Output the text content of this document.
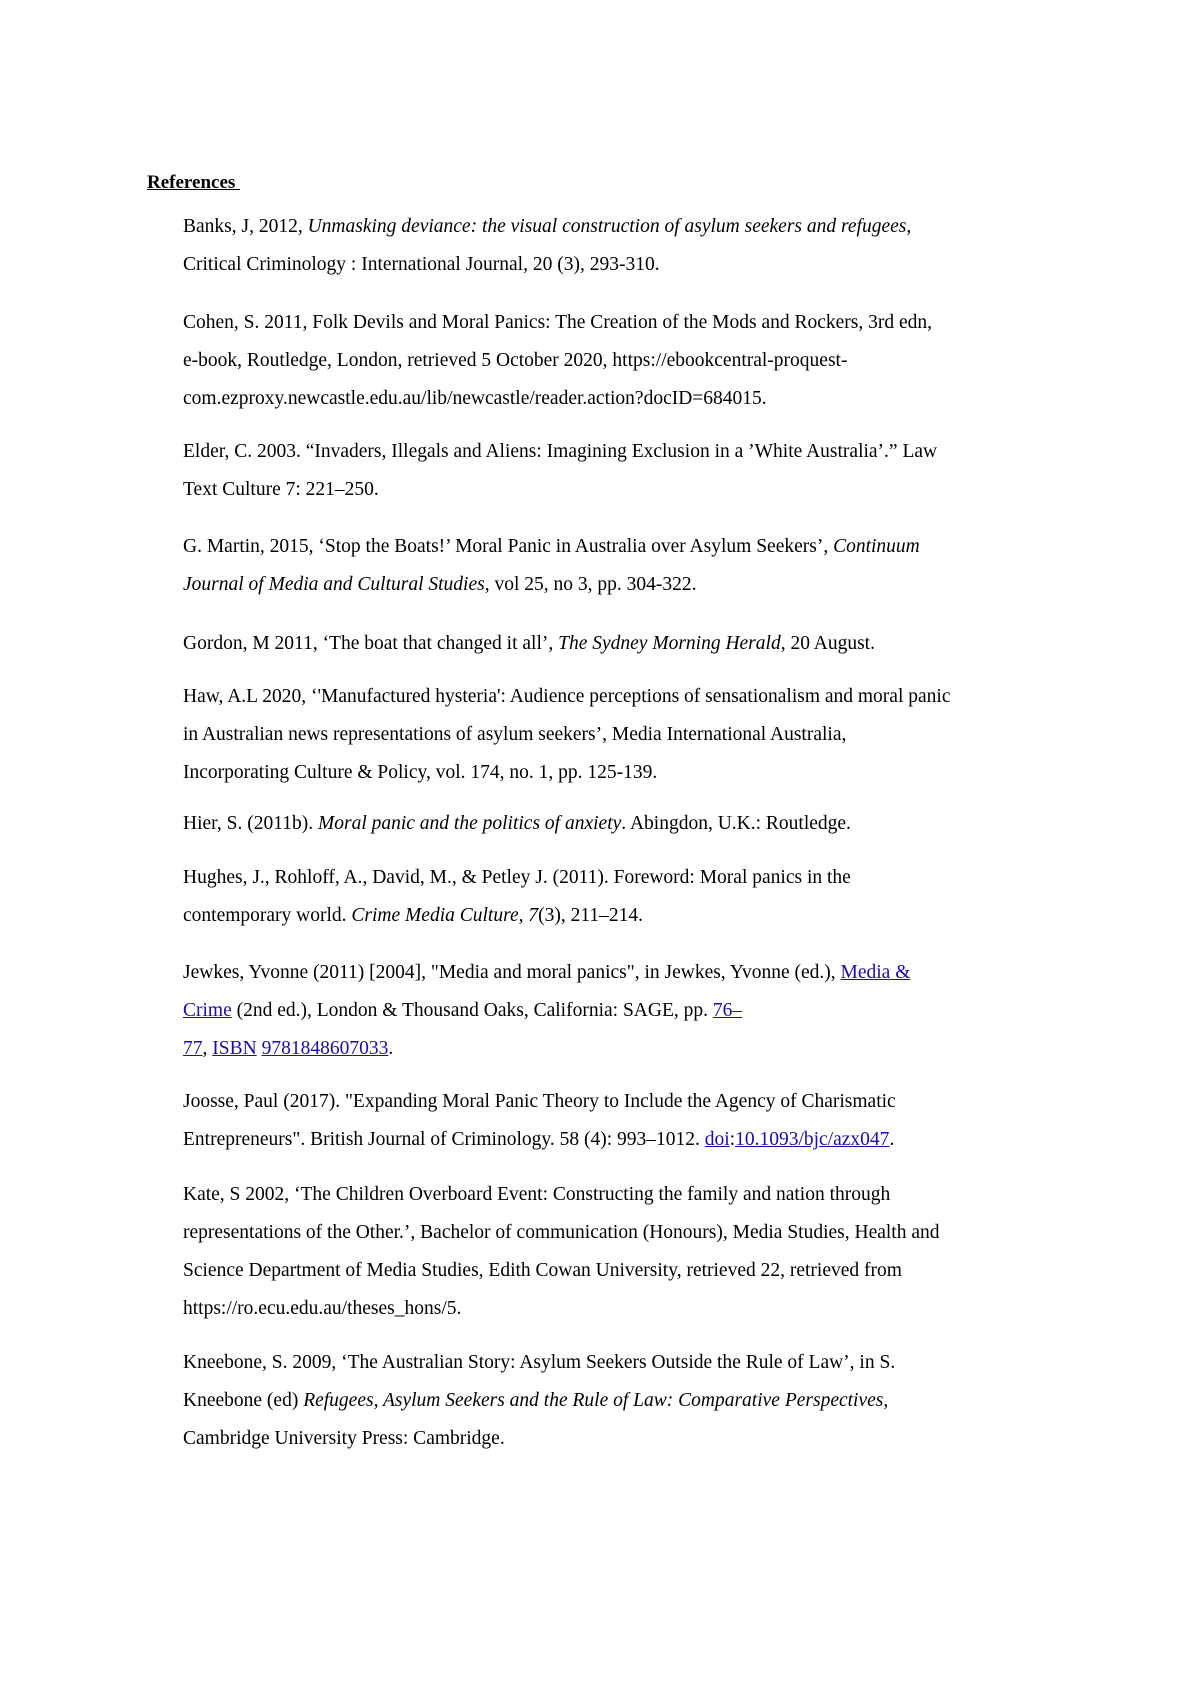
References
Banks, J, 2012, Unmasking deviance: the visual construction of asylum seekers and refugees,
Critical Criminology : International Journal, 20 (3), 293-310.
Cohen, S. 2011, Folk Devils and Moral Panics: The Creation of the Mods and Rockers, 3rd edn,
e-book, Routledge, London, retrieved 5 October 2020, https://ebookcentral-proquest-
com.ezproxy.newcastle.edu.au/lib/newcastle/reader.action?docID=684015.
Elder, C. 2003. “Invaders, Illegals and Aliens: Imagining Exclusion in a ’White Australia’.” Law
Text Culture 7: 221–250.
G. Martin, 2015, ‘Stop the Boats!’ Moral Panic in Australia over Asylum Seekers’, Continuum
Journal of Media and Cultural Studies, vol 25, no 3, pp. 304-322.
Gordon, M 2011, ‘The boat that changed it all’, The Sydney Morning Herald, 20 August.
Haw, A.L 2020, ‘'Manufactured hysteria': Audience perceptions of sensationalism and moral panic
in Australian news representations of asylum seekers’, Media International Australia,
Incorporating Culture & Policy, vol. 174, no. 1, pp. 125-139.
Hier, S. (2011b). Moral panic and the politics of anxiety. Abingdon, U.K.: Routledge.
Hughes, J., Rohloff, A., David, M., & Petley J. (2011). Foreword: Moral panics in the
contemporary world. Crime Media Culture, 7(3), 211–214.
Jewkes, Yvonne (2011) [2004], "Media and moral panics", in Jewkes, Yvonne (ed.), Media &
Crime (2nd ed.), London & Thousand Oaks, California: SAGE, pp. 76–
77, ISBN 9781848607033.
Joosse, Paul (2017). "Expanding Moral Panic Theory to Include the Agency of Charismatic
Entrepreneurs". British Journal of Criminology. 58 (4): 993–1012. doi:10.1093/bjc/azx047.
Kate, S 2002, ‘The Children Overboard Event: Constructing the family and nation through
representations of the Other.’, Bachelor of communication (Honours), Media Studies, Health and
Science Department of Media Studies, Edith Cowan University, retrieved 22, retrieved from
https://ro.ecu.edu.au/theses_hons/5.
Kneebone, S. 2009, ‘The Australian Story: Asylum Seekers Outside the Rule of Law’, in S.
Kneebone (ed) Refugees, Asylum Seekers and the Rule of Law: Comparative Perspectives,
Cambridge University Press: Cambridge.
